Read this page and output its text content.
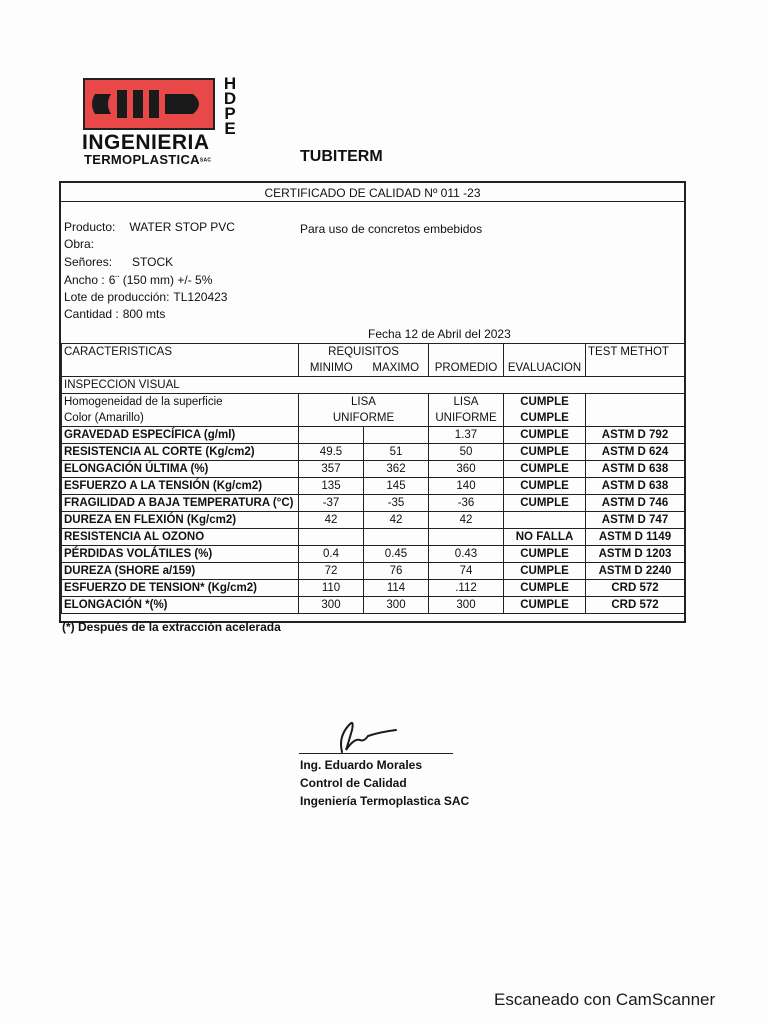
H
D
P
E
INGENIERIA
TERMOPLASTICASAC	TUBITERM
CERTIFICADO DE CALIDAD Nº 011 -23
Producto: WATER STOP PVC	Para uso de concretos embebidos
Obra:
Señores: STOCK
Ancho : 6¨ (150 mm) +/- 5%
Lote de producción: TL120423
Cantidad : 800 mts
Fecha 12 de Abril del 2023
CARACTERISTICAS	REQUISITOS		PROMEDIO	EVALUACION	TEST METHOT
	MINIMO	MAXIMO			
INSPECCION VISUAL					
Homogeneidad de la superficie	LISA		LISA	CUMPLE	
Color (Amarillo)	UNIFORME		UNIFORME	CUMPLE	
GRAVEDAD ESPECÍFICA (g/ml)			1.37	CUMPLE	ASTM D 792
RESISTENCIA AL CORTE (Kg/cm2)	49.5	51	50	CUMPLE	ASTM D 624
ELONGACIÓN ÚLTIMA (%)	357	362	360	CUMPLE	ASTM D 638
ESFUERZO A LA TENSIÓN (Kg/cm2)	135	145	140	CUMPLE	ASTM D 638
FRAGILIDAD A BAJA TEMPERATURA (°C)	-37	-35	-36	CUMPLE	ASTM D 746
DUREZA EN FLEXIÓN (Kg/cm2)	42	42	42		ASTM D 747
RESISTENCIA AL OZONO				NO FALLA	ASTM D 1149
PÉRDIDAS VOLÁTILES (%)	0.4	0.45	0.43	CUMPLE	ASTM D 1203
DUREZA (SHORE a/159)	72	76	74	CUMPLE	ASTM D 2240
ESFUERZO DE TENSION* (Kg/cm2)	110	114	.112	CUMPLE	CRD 572
ELONGACIÓN *(%)	300	300	300	CUMPLE	CRD 572
(*) Después de la extracción acelerada
Ing. Eduardo Morales
Control de Calidad
Ingeniería Termoplastica SAC
Escaneado con CamScanner
